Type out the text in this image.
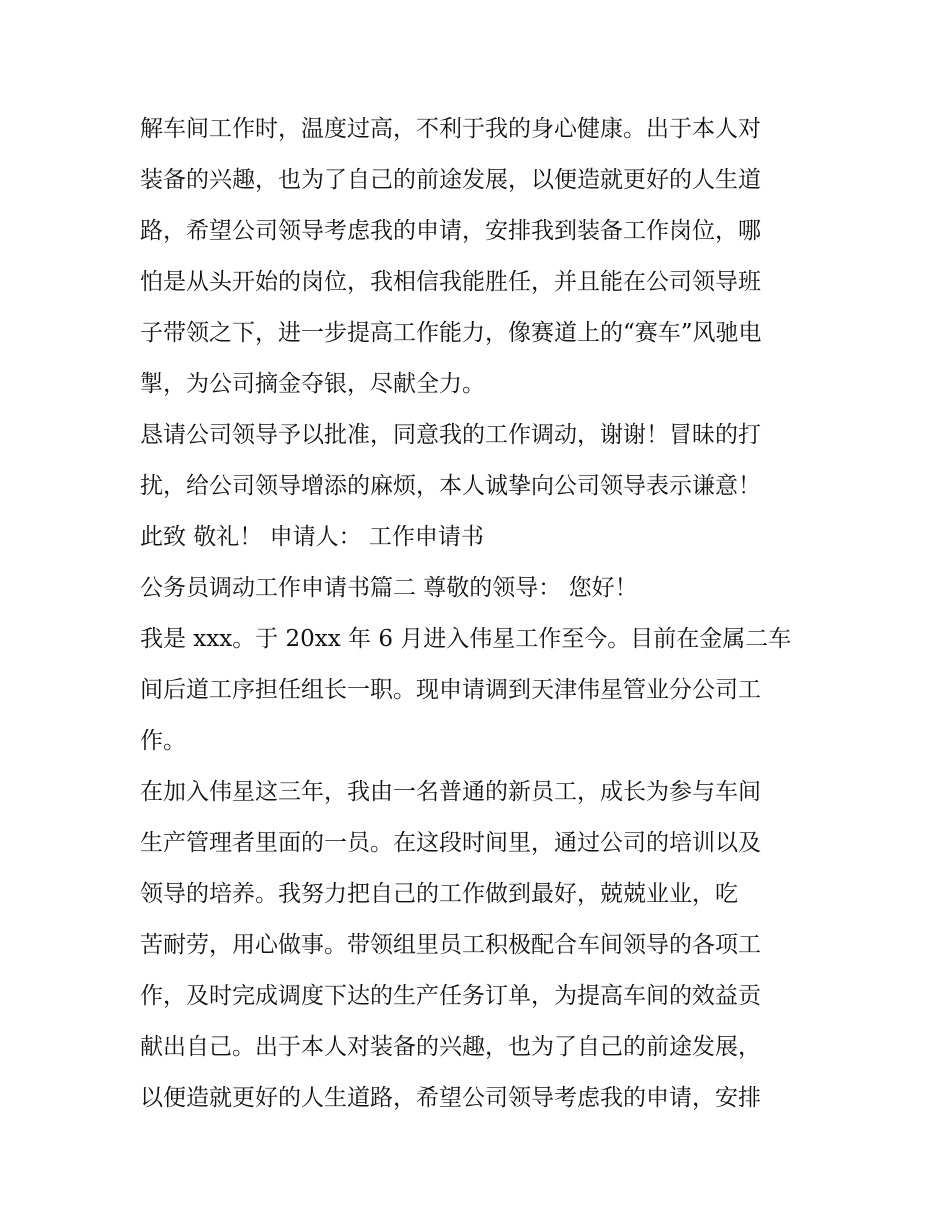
解车间工作时，温度过高，不利于我的身心健康。出于本人对
装备的兴趣，也为了自己的前途发展，以便造就更好的人生道
路，希望公司领导考虑我的申请，安排我到装备工作岗位，哪
怕是从头开始的岗位，我相信我能胜任，并且能在公司领导班
子带领之下，进一步提高工作能力，像赛道上的“赛车”风驰电
掣，为公司摘金夺银，尽献全力。
恳请公司领导予以批准，同意我的工作调动，谢谢！冒昧的打
扰，给公司领导增添的麻烦，本人诚挚向公司领导表示谦意！
此致 敬礼！ 申请人： 工作申请书
公务员调动工作申请书篇二 尊敬的领导： 您好！
我是 xxx。于 20xx 年 6 月进入伟星工作至今。目前在金属二车
间后道工序担任组长一职。现申请调到天津伟星管业分公司工
作。
在加入伟星这三年，我由一名普通的新员工，成长为参与车间
生产管理者里面的一员。在这段时间里，通过公司的培训以及
领导的培养。我努力把自己的工作做到最好，兢兢业业，吃
苦耐劳，用心做事。带领组里员工积极配合车间领导的各项工
作，及时完成调度下达的生产任务订单，为提高车间的效益贡
献出自己。出于本人对装备的兴趣，也为了自己的前途发展，
以便造就更好的人生道路，希望公司领导考虑我的申请，安排
